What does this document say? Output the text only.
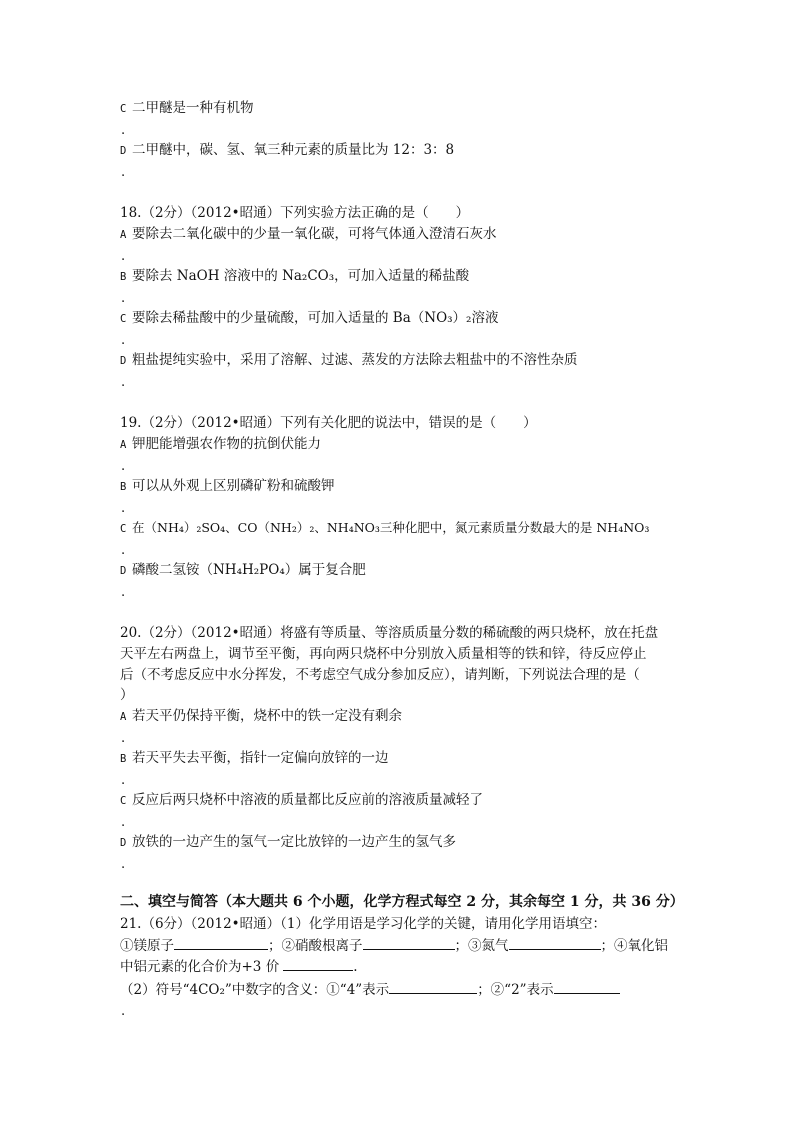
C 二甲醚是一种有机物
.
D 二甲醚中，碳、氢、氧三种元素的质量比为 12：3：8
.
18.（2分）（2012•昭通）下列实验方法正确的是（　　）
A 要除去二氧化碳中的少量一氧化碳，可将气体通入澄清石灰水
.
B 要除去 NaOH 溶液中的 Na₂CO₃，可加入适量的稀盐酸
.
C 要除去稀盐酸中的少量硫酸，可加入适量的 Ba（NO₃）₂溶液
.
D 粗盐提纯实验中，采用了溶解、过滤、蒸发的方法除去粗盐中的不溶性杂质
.
19.（2分）（2012•昭通）下列有关化肥的说法中，错误的是（　　）
A 钾肥能增强农作物的抗倒伏能力
.
B 可以从外观上区别磷矿粉和硫酸钾
.
C 在（NH₄）₂SO₄、CO（NH₂）₂、NH₄NO₃三种化肥中，氮元素质量分数最大的是 NH₄NO₃
.
D 磷酸二氢铵（NH₄H₂PO₄）属于复合肥
.
20.（2分）（2012•昭通）将盛有等质量、等溶质质量分数的稀硫酸的两只烧杯，放在托盘
天平左右两盘上，调节至平衡，再向两只烧杯中分别放入质量相等的铁和锌，待反应停止
后（不考虑反应中水分挥发，不考虑空气成分参加反应），请判断，下列说法合理的是（
）
A 若天平仍保持平衡，烧杯中的铁一定没有剩余
.
B 若天平失去平衡，指针一定偏向放锌的一边
.
C 反应后两只烧杯中溶液的质量都比反应前的溶液质量减轻了
.
D 放铁的一边产生的氢气一定比放锌的一边产生的氢气多
.
二、填空与简答（本大题共 6 个小题，化学方程式每空 2 分，其余每空 1 分，共 36 分）
21.（6分）（2012•昭通）（1）化学用语是学习化学的关键，请用化学用语填空：
①镁原子	；②硝酸根离子	；③氮气	；④氧化铝
中铝元素的化合价为+3 价	.
（2）符号“4CO₂”中数字的含义：①“4”表示	；②“2”表示
.
